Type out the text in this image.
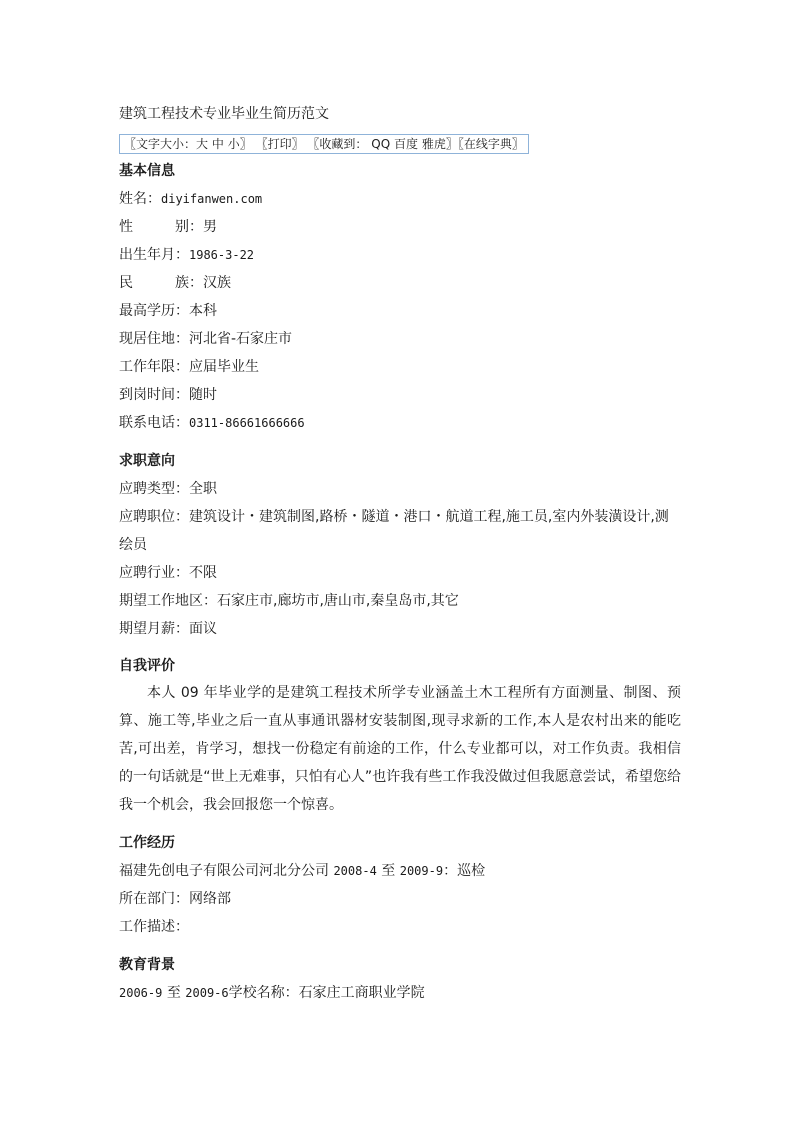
建筑工程技术专业毕业生简历范文
〖文字大小：大 中 小〗 〖打印〗 〖收藏到： QQ 百度 雅虎〗〖在线字典〗
基本信息
姓名：diyifanwen.com
性	别：男
出生年月：1986-3-22
民	族：汉族
最高学历：本科
现居住地：河北省-石家庄市
工作年限：应届毕业生
到岗时间：随时
联系电话：0311-86661666666
求职意向
应聘类型：全职
应聘职位：建筑设计・建筑制图,路桥・隧道・港口・航道工程,施工员,室内外装潢设计,测绘员
应聘行业：不限
期望工作地区：石家庄市,廊坊市,唐山市,秦皇岛市,其它
期望月薪：面议
自我评价
本人 09 年毕业学的是建筑工程技术所学专业涵盖土木工程所有方面测量、制图、预算、施工等,毕业之后一直从事通讯器材安装制图,现寻求新的工作,本人是农村出来的能吃苦,可出差，肯学习，想找一份稳定有前途的工作，什么专业都可以，对工作负责。我相信的一句话就是“世上无难事，只怕有心人”也许我有些工作我没做过但我愿意尝试，希望您给我一个机会，我会回报您一个惊喜。
工作经历
福建先创电子有限公司河北分公司 2008-4 至 2009-9：巡检
所在部门：网络部
工作描述：
教育背景
2006-9 至 2009-6学校名称：石家庄工商职业学院
